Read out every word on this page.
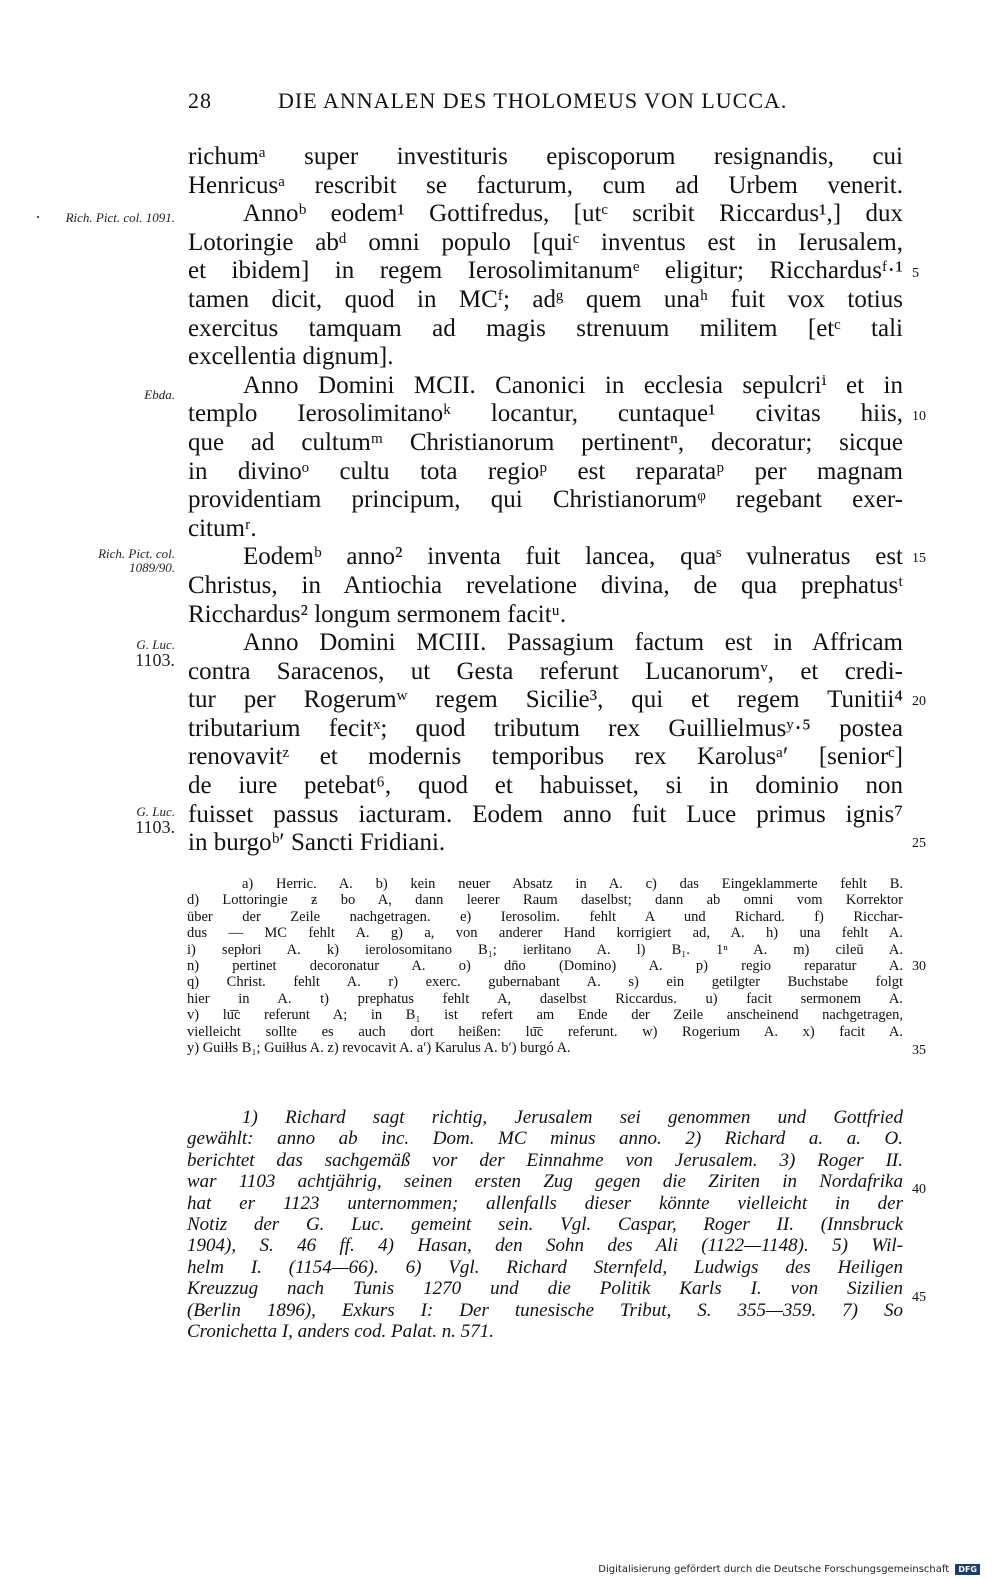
28	DIE ANNALEN DES THOLOMEUS VON LUCCA.
Rich. Pict. col. 1091.
Ebda.
Rich. Pict. col. 1089/90.
G. Luc.
1103.
G. Luc.
1103.
5
10
15
20
25
30
35
40
45
richumᵃ super investituris episcoporum resignandis, cui
Henricusᵃ rescribit se facturum, cum ad Urbem venerit.
Annoᵇ eodem¹ Gottifredus, [utᶜ scribit Riccardus¹,] dux
Lotoringie abᵈ omni populo [quiᶜ inventus est in Ierusalem,
et ibidem] in regem Ierosolimitanumᵉ eligitur; Ricchardusᶠ·¹
tamen dicit, quod in MCᶠ; adᵍ quem unaʰ fuit vox totius
exercitus tamquam ad magis strenuum militem [etᶜ tali
excellentia dignum].
Anno Domini MCII. Canonici in ecclesia sepulcriⁱ et in
templo Ierosolimitanoᵏ locantur, cuntaque¹ civitas hiis,
que ad cultumᵐ Christianorum pertinentⁿ, decoratur; sicque
in divinoᵒ cultu tota regioᵖ est reparataᵖ per magnam
providentiam principum, qui Christianorumᵠ regebant exer-
citumʳ.
Eodemᵇ anno² inventa fuit lancea, quaˢ vulneratus est
Christus, in Antiochia revelatione divina, de qua prephatusᵗ
Ricchardus² longum sermonem facitᵘ.
Anno Domini MCIII. Passagium factum est in Affricam
contra Saracenos, ut Gesta referunt Lucanorumᵛ, et credi-
tur per Rogerumʷ regem Sicilie³, qui et regem Tunitii⁴
tributarium fecitˣ; quod tributum rex Guillielmusʸ·⁵ postea
renovavitᶻ et modernis temporibus rex Karolusᵃ′ [seniorᶜ]
de iure petebat⁶, quod et habuisset, si in dominio non
fuisset passus iacturam. Eodem anno fuit Luce primus ignis⁷
in burgoᵇ′ Sancti Fridiani.
a) Herric. A. b) kein neuer Absatz in A. c) das Eingeklammerte fehlt B.
d) Lottoringie ƶ bo A, dann leerer Raum daselbst; dann ab omni vom Korrektor
über der Zeile nachgetragen. e) Ierosolim. fehlt A und Richard. f) Ricchar-
dus — MC fehlt A. g) a, von anderer Hand korrigiert ad, A. h) una fehlt A.
i) sepłori A. k) ierolosomitano B₁; ierłitano A. l) B₁. 1ⁿ A. m) cileū A.
n) pertinet decoronatur A. o) dn̄o (Domino) A. p) regio reparatur A.
q) Christ. fehlt A. r) exerc. gubernabant A. s) ein getilgter Buchstabe folgt
hier in A. t) prephatus fehlt A, daselbst Riccardus. u) facit sermonem A.
v) lu͞c referunt A; in B₁ ist refert am Ende der Zeile anscheinend nachgetragen,
vielleicht sollte es auch dort heißen: lu͞c referunt. w) Rogerium A. x) facit A.
y) Guiłłs B₁; Guiłłus A. z) revocavit A. a′) Karulus A. b′) burgó A.
1) Richard sagt richtig, Jerusalem sei genommen und Gottfried
gewählt: anno ab inc. Dom. MC minus anno. 2) Richard a. a. O.
berichtet das sachgemäß vor der Einnahme von Jerusalem. 3) Roger II.
war 1103 achtjährig, seinen ersten Zug gegen die Ziriten in Nordafrika
hat er 1123 unternommen; allenfalls dieser könnte vielleicht in der
Notiz der G. Luc. gemeint sein. Vgl. Caspar, Roger II. (Innsbruck
1904), S. 46 ff. 4) Hasan, den Sohn des Ali (1122—1148). 5) Wil-
helm I. (1154—66). 6) Vgl. Richard Sternfeld, Ludwigs des Heiligen
Kreuzzug nach Tunis 1270 und die Politik Karls I. von Sizilien
(Berlin 1896), Exkurs I: Der tunesische Tribut, S. 355—359. 7) So
Cronichetta I, anders cod. Palat. n. 571.
Digitalisierung gefördert durch die Deutsche Forschungsgemeinschaft DFG
